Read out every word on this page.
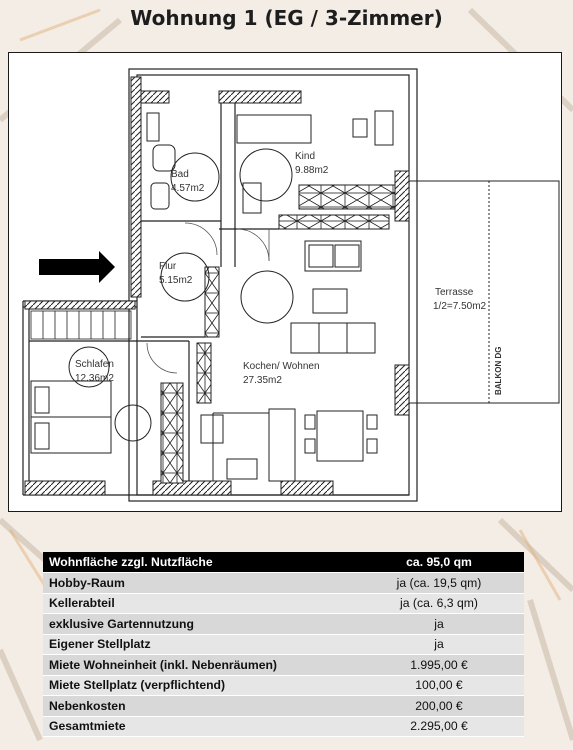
Wohnung 1 (EG / 3-Zimmer)
Bad
4.57m2
Kind
9.88m2
Flur
5.15m2
Schlafen
12.36m2
Kochen/ Wohnen
27.35m2
Terrasse
1/2=7.50m2
BALKON DG
Wohnfläche zzgl. Nutzfläche	ca. 95,0 qm
Hobby-Raum	ja (ca. 19,5 qm)
Kellerabteil	ja (ca. 6,3 qm)
exklusive Gartennutzung	ja
Eigener Stellplatz	ja
Miete Wohneinheit (inkl. Nebenräumen)	1.995,00 €
Miete Stellplatz (verpflichtend)	100,00 €
Nebenkosten	200,00 €
Gesamtmiete	2.295,00 €
